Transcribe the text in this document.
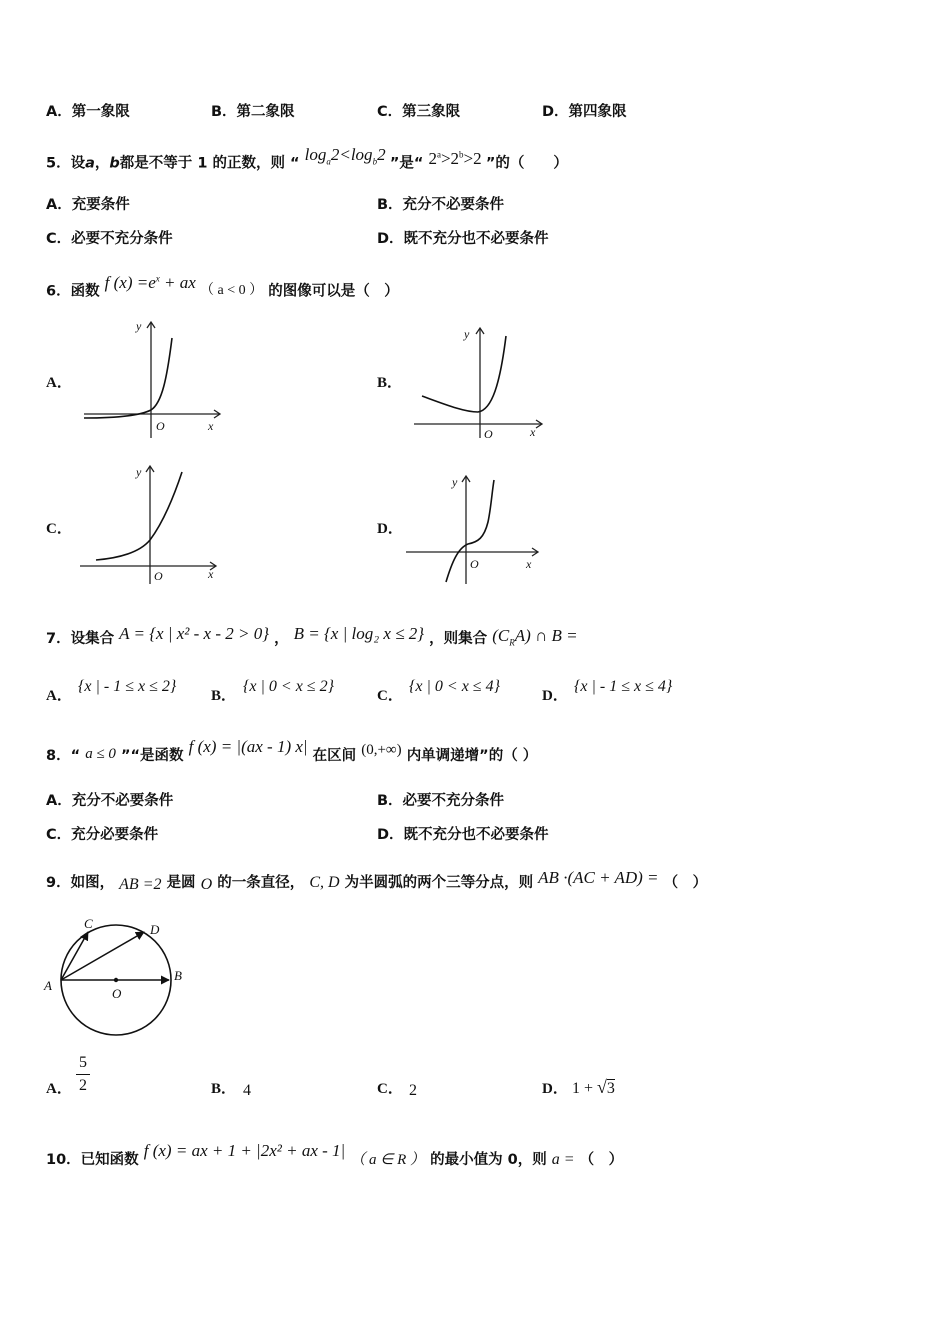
A．第一象限	B．第二象限	C．第三象限	D．第四象限
5．设a，b都是不等于 1 的正数，则 “ $\log_a2<\log_b2$ ”是“ $2^a>2^b>2$ ”的（　　）
A．充要条件	B．充分不必要条件
C．必要不充分条件	D．既不充分也不必要条件
6．函数 f $(x) =e^x$ + ax （ a < 0 ） 的图像可以是（　）
A．	B．
C．	D．
y
x
O
y
x
O
y
x
O
y
x
O
7．设集合 A = {x | x² - x - 2 > 0} ， B = {x | log₂ x ≤ 2} ，则集合 $(C_RA)$ ∩ B =
A．
{x | - 1 ≤ x ≤ 2}
B．
{x | 0 < x ≤ 2}
C．
{x | 0 < x ≤ 4}
D．
{x | - 1 ≤ x ≤ 4}
8．“ a ≤ 0 ”“是函数 f (x) = |(ax - 1) x| 在区间 (0,+∞) 内单调递增”的（ ）
A．充分不必要条件	B．必要不充分条件
C．充分必要条件	D．既不充分也不必要条件
9．如图， AB =2 是圆 O 的一条直径， C, D 为半圆弧的两个三等分点，则 AB ·(AC + AD) = （　）
A
B
C	D
O
A．
5
2	B． 4	C． 2	D． 1 + √3
10．已知函数 f (x) = ax + 1 + |2x² + ax - 1| （ a ∈ R ） 的最小值为 0，则 a = （　）
